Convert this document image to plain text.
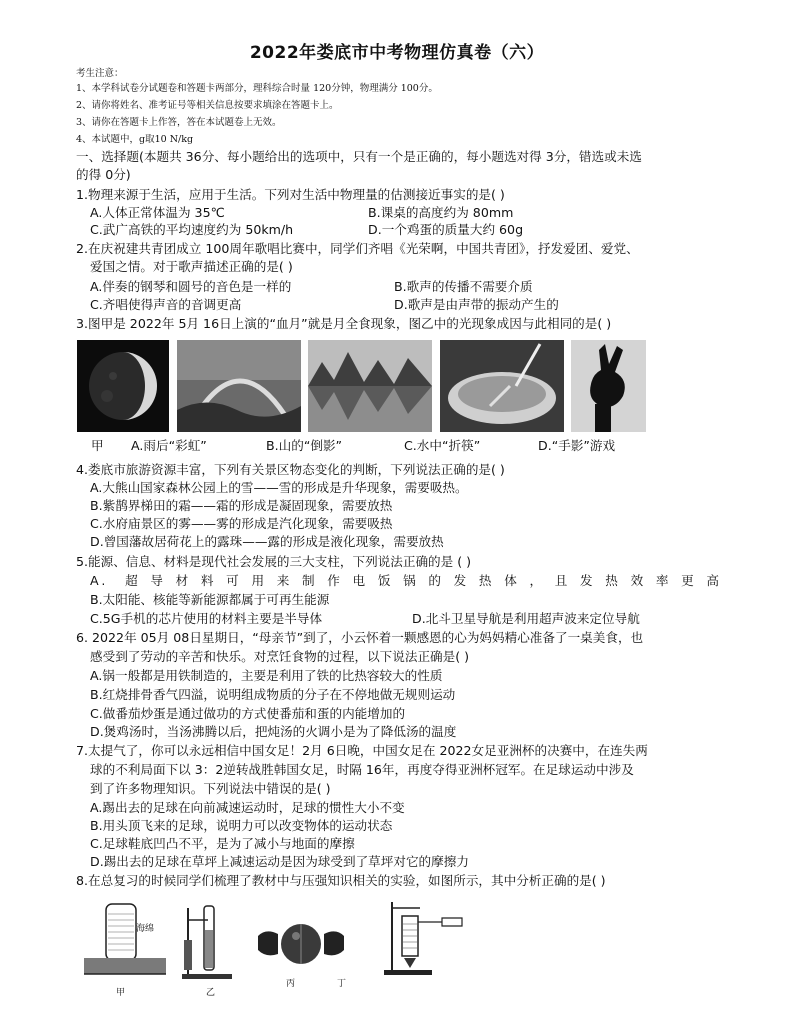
2022年娄底市中考物理仿真卷（六）
考生注意：
1、本学科试卷分试题卷和答题卡两部分，理科综合时量 120分钟，物理满分 100分。
2、请你将姓名、准考证号等相关信息按要求填涂在答题卡上。
3、请你在答题卡上作答，答在本试题卷上无效。
4、本试题中，g取10 N/kg
一、选择题(本题共 36分、每小题给出的选项中，只有一个是正确的，每小题选对得 3分，错选或未选
的得 0分)
1.物理来源于生活，应用于生活。下列对生活中物理量的估测接近事实的是( )
A.人体正常体温为 35℃	B.课桌的高度约为 80mm
C.武广高铁的平均速度约为 50km/h	D.一个鸡蛋的质量大约 60g
2.在庆祝建共青团成立 100周年歌唱比赛中，同学们齐唱《光荣啊，中国共青团》，抒发爱团、爱党、
爱国之情。对于歌声描述正确的是( )
A.伴奏的钢琴和圆号的音色是一样的	B.歌声的传播不需要介质
C.齐唱使得声音的音调更高	D.歌声是由声带的振动产生的
3.图甲是 2022年 5月 16日上演的“血月”就是月全食现象，图乙中的光现象成因与此相同的是( )
甲 A.雨后“彩虹”	B.山的“倒影”	C.水中“折筷”	D.“手影”游戏
4.娄底市旅游资源丰富，下列有关景区物态变化的判断，下列说法正确的是( )
A.大熊山国家森林公园上的雪——雪的形成是升华现象，需要吸热。
B.紫鹊界梯田的霜——霜的形成是凝固现象，需要放热
C.水府庙景区的雾——雾的形成是汽化现象，需要吸热
D.曾国藩故居荷花上的露珠——露的形成是液化现象，需要放热
5.能源、信息、材料是现代社会发展的三大支柱，下列说法正确的是 ( )
A. 超导材料可用来制作电饭锅的发热体，且发热效率更高
B.太阳能、核能等新能源都属于可再生能源
C.5G手机的芯片使用的材料主要是半导体	D.北斗卫星导航是利用超声波来定位导航
6. 2022年 05月 08日星期日，“母亲节”到了，小云怀着一颗感恩的心为妈妈精心准备了一桌美食，也
感受到了劳动的辛苦和快乐。对烹饪食物的过程，以下说法正确是( )
A.锅一般都是用铁制造的，主要是利用了铁的比热容较大的性质
B.红烧排骨香气四溢，说明组成物质的分子在不停地做无规则运动
C.做番茄炒蛋是通过做功的方式使番茄和蛋的内能增加的
D.煲鸡汤时，当汤沸腾以后，把炖汤的火调小是为了降低汤的温度
7.太提气了，你可以永远相信中国女足！2月 6日晚，中国女足在 2022女足亚洲杯的决赛中，在连失两
球的不利局面下以 3：2逆转战胜韩国女足，时隔 16年，再度夺得亚洲杯冠军。在足球运动中涉及
到了许多物理知识。下列说法中错误的是( )
A.踢出去的足球在向前减速运动时，足球的惯性大小不变
B.用头顶飞来的足球，说明力可以改变物体的运动状态
C.足球鞋底凹凸不平，是为了减小与地面的摩擦
D.踢出去的足球在草坪上减速运动是因为球受到了草坪对它的摩擦力
8.在总复习的时候同学们梳理了教材中与压强知识相关的实验，如图所示，其中分析正确的是( )
海绵
甲	乙
丙	丁
